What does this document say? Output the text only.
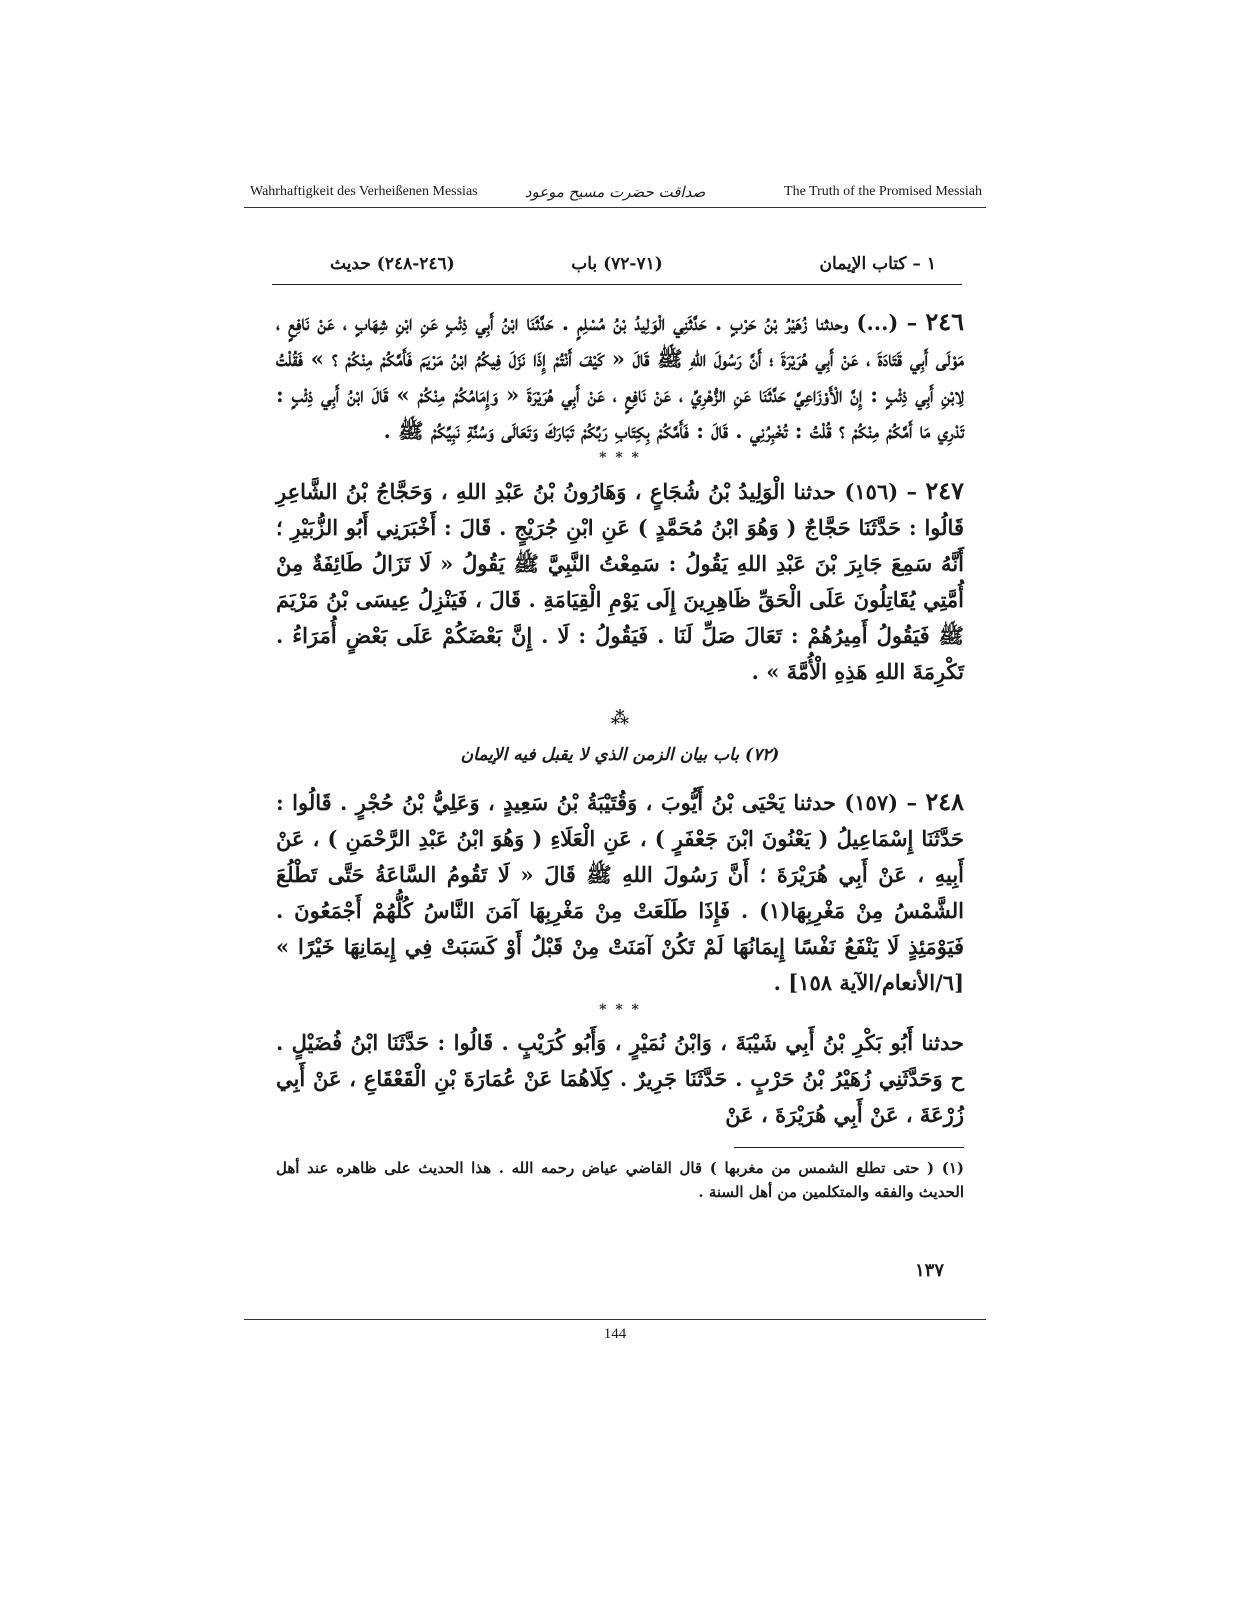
Wahrhaftigkeit des Verheißenen Messias	صداقت حضرت مسیح موعود	The Truth of the Promised Messiah
١ – كتاب الإيمان
(٧١-٧٢) باب
(٢٤٦-٢٤٨) حديث

٢٤٦ – (...) وحدثنا زُهَيْرُ بْنُ حَرْبٍ . حَدَّثَنِي الْوَلِيدُ بْنُ مُسْلِمٍ . حَدَّثَنَا ابْنُ أَبِي ذِئْبٍ عَنِ ابْنِ شِهَابٍ ، عَنْ نَافِعٍ ، مَوْلَى أَبِي قَتَادَةَ ، عَنْ أَبِي هُرَيْرَةَ ؛ أَنَّ رَسُولَ اللهِ ﷺ قَالَ « كَيْفَ أَنْتُمْ إِذَا نَزَلَ فِيكُمُ ابْنُ مَرْيَمَ فَأَمَّكُمْ مِنْكُمْ ؟ » فَقُلْتُ لِابْنِ أَبِي ذِئْبٍ : إِنَّ الْأَوْزَاعِيَّ حَدَّثَنَا عَنِ الزُّهْرِيِّ ، عَنْ نَافِعٍ ، عَنْ أَبِي هُرَيْرَةَ « وَإِمَامُكُمْ مِنْكُمْ » قَالَ ابْنُ أَبِي ذِئْبٍ : تَدْرِي مَا أَمَّكُمْ مِنْكُمْ ؟ قُلْتُ : تُخْبِرُنِي . قَالَ : فَأَمَّكُمْ بِكِتَابِ رَبِّكُمْ تَبَارَكَ وَتَعَالَى وَسُنَّةِ نَبِيِّكُمْ ﷺ .

* * *

٢٤٧ – (١٥٦) حدثنا الْوَلِيدُ بْنُ شُجَاعٍ ، وَهَارُونُ بْنُ عَبْدِ اللهِ ، وَحَجَّاجُ بْنُ الشَّاعِرِ قَالُوا : حَدَّثَنَا حَجَّاجٌ ( وَهُوَ ابْنُ مُحَمَّدٍ ) عَنِ ابْنِ جُرَيْجٍ . قَالَ : أَخْبَرَنِي أَبُو الزُّبَيْرِ ؛ أَنَّهُ سَمِعَ جَابِرَ بْنَ عَبْدِ اللهِ يَقُولُ : سَمِعْتُ النَّبِيَّ ﷺ يَقُولُ « لَا تَزَالُ طَائِفَةٌ مِنْ أُمَّتِي يُقَاتِلُونَ عَلَى الْحَقِّ ظَاهِرِينَ إِلَى يَوْمِ الْقِيَامَةِ . قَالَ ، فَيَنْزِلُ عِيسَى بْنُ مَرْيَمَ ﷺ فَيَقُولُ أَمِيرُهُمْ : تَعَالَ صَلِّ لَنَا . فَيَقُولُ : لَا . إِنَّ بَعْضَكُمْ عَلَى بَعْضٍ أُمَرَاءُ . تَكْرِمَةَ اللهِ هَذِهِ الْأُمَّةَ » .

⁂
(٧٢) باب بيان الزمن الذي لا يقبل فيه الإيمان

٢٤٨ – (١٥٧) حدثنا يَحْيَى بْنُ أَيُّوبَ ، وَقُتَيْبَةُ بْنُ سَعِيدٍ ، وَعَلِيُّ بْنُ حُجْرٍ . قَالُوا : حَدَّثَنَا إِسْمَاعِيلُ ( يَعْنُونَ ابْنَ جَعْفَرٍ ) ، عَنِ الْعَلَاءِ ( وَهُوَ ابْنُ عَبْدِ الرَّحْمَنِ ) ، عَنْ أَبِيهِ ، عَنْ أَبِي هُرَيْرَةَ ؛ أَنَّ رَسُولَ اللهِ ﷺ قَالَ « لَا تَقُومُ السَّاعَةُ حَتَّى تَطْلُعَ الشَّمْسُ مِنْ مَغْرِبِهَا(١) . فَإِذَا طَلَعَتْ مِنْ مَغْرِبِهَا آمَنَ النَّاسُ كُلُّهُمْ أَجْمَعُونَ . فَيَوْمَئِذٍ لَا يَنْفَعُ نَفْسًا إِيمَانُهَا لَمْ تَكُنْ آمَنَتْ مِنْ قَبْلُ أَوْ كَسَبَتْ فِي إِيمَانِهَا خَيْرًا » [٦/الأنعام/الآية ١٥٨] .

* * *

حدثنا أَبُو بَكْرِ بْنُ أَبِي شَيْبَةَ ، وَابْنُ نُمَيْرٍ ، وَأَبُو كُرَيْبٍ . قَالُوا : حَدَّثَنَا ابْنُ فُضَيْلٍ . ح وَحَدَّثَنِي زُهَيْرُ بْنُ حَرْبٍ . حَدَّثَنَا جَرِيرٌ . كِلَاهُمَا عَنْ عُمَارَةَ بْنِ الْقَعْقَاعِ ، عَنْ أَبِي زُرْعَةَ ، عَنْ أَبِي هُرَيْرَةَ ، عَنْ

(١) ( حتى تطلع الشمس من مغربها ) قال القاضي عياض رحمه الله . هذا الحديث على ظاهره عند أهل الحديث والفقه والمتكلمين من أهل السنة .

١٣٧
144
